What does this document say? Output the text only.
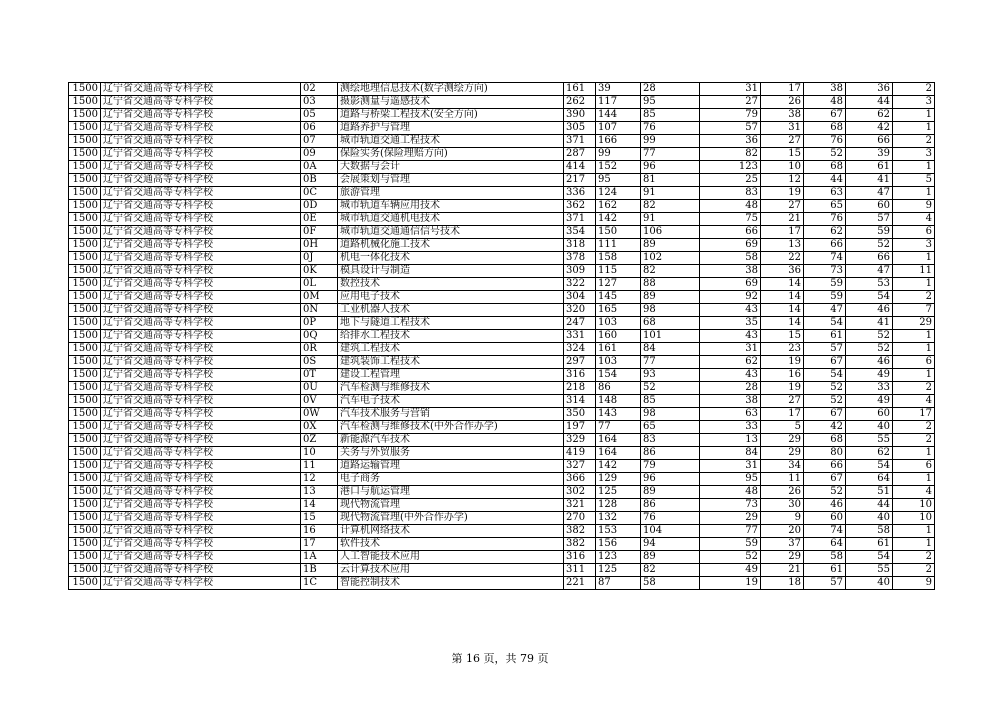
1500	辽宁省交通高等专科学校	02	测绘地理信息技术(数字测绘方向)	161	39	28	31	17	38	36	2
1500	辽宁省交通高等专科学校	03	摄影测量与遥感技术	262	117	95	27	26	48	44	3
1500	辽宁省交通高等专科学校	05	道路与桥梁工程技术(安全方向)	390	144	85	79	38	67	62	1
1500	辽宁省交通高等专科学校	06	道路养护与管理	305	107	76	57	31	68	42	1
1500	辽宁省交通高等专科学校	07	城市轨道交通工程技术	371	166	99	36	27	76	66	2
1500	辽宁省交通高等专科学校	09	保险实务(保险理赔方向)	287	99	77	82	15	52	39	3
1500	辽宁省交通高等专科学校	0A	大数据与会计	414	152	96	123	10	68	61	1
1500	辽宁省交通高等专科学校	0B	会展策划与管理	217	95	81	25	12	44	41	5
1500	辽宁省交通高等专科学校	0C	旅游管理	336	124	91	83	19	63	47	1
1500	辽宁省交通高等专科学校	0D	城市轨道车辆应用技术	362	162	82	48	27	65	60	9
1500	辽宁省交通高等专科学校	0E	城市轨道交通机电技术	371	142	91	75	21	76	57	4
1500	辽宁省交通高等专科学校	0F	城市轨道交通通信信号技术	354	150	106	66	17	62	59	6
1500	辽宁省交通高等专科学校	0H	道路机械化施工技术	318	111	89	69	13	66	52	3
1500	辽宁省交通高等专科学校	0J	机电一体化技术	378	158	102	58	22	74	66	1
1500	辽宁省交通高等专科学校	0K	模具设计与制造	309	115	82	38	36	73	47	11
1500	辽宁省交通高等专科学校	0L	数控技术	322	127	88	69	14	59	53	1
1500	辽宁省交通高等专科学校	0M	应用电子技术	304	145	89	92	14	59	54	2
1500	辽宁省交通高等专科学校	0N	工业机器人技术	320	165	98	43	14	47	46	7
1500	辽宁省交通高等专科学校	0P	地下与隧道工程技术	247	103	68	35	14	54	41	29
1500	辽宁省交通高等专科学校	0Q	给排水工程技术	331	160	101	43	15	61	52	1
1500	辽宁省交通高等专科学校	0R	建筑工程技术	324	161	84	31	23	57	52	1
1500	辽宁省交通高等专科学校	0S	建筑装饰工程技术	297	103	77	62	19	67	46	6
1500	辽宁省交通高等专科学校	0T	建设工程管理	316	154	93	43	16	54	49	1
1500	辽宁省交通高等专科学校	0U	汽车检测与维修技术	218	86	52	28	19	52	33	2
1500	辽宁省交通高等专科学校	0V	汽车电子技术	314	148	85	38	27	52	49	4
1500	辽宁省交通高等专科学校	0W	汽车技术服务与营销	350	143	98	63	17	67	60	17
1500	辽宁省交通高等专科学校	0X	汽车检测与维修技术(中外合作办学)	197	77	65	33	5	42	40	2
1500	辽宁省交通高等专科学校	0Z	新能源汽车技术	329	164	83	13	29	68	55	2
1500	辽宁省交通高等专科学校	10	关务与外贸服务	419	164	86	84	29	80	62	1
1500	辽宁省交通高等专科学校	11	道路运输管理	327	142	79	31	34	66	54	6
1500	辽宁省交通高等专科学校	12	电子商务	366	129	96	95	11	67	64	1
1500	辽宁省交通高等专科学校	13	港口与航运管理	302	125	89	48	26	52	51	4
1500	辽宁省交通高等专科学校	14	现代物流管理	321	128	86	73	30	46	44	10
1500	辽宁省交通高等专科学校	15	现代物流管理(中外合作办学)	270	132	76	29	9	60	40	10
1500	辽宁省交通高等专科学校	16	计算机网络技术	382	153	104	77	20	74	58	1
1500	辽宁省交通高等专科学校	17	软件技术	382	156	94	59	37	64	61	1
1500	辽宁省交通高等专科学校	1A	人工智能技术应用	316	123	89	52	29	58	54	2
1500	辽宁省交通高等专科学校	1B	云计算技术应用	311	125	82	49	21	61	55	2
1500	辽宁省交通高等专科学校	1C	智能控制技术	221	87	58	19	18	57	40	9
第 16 页，共 79 页
